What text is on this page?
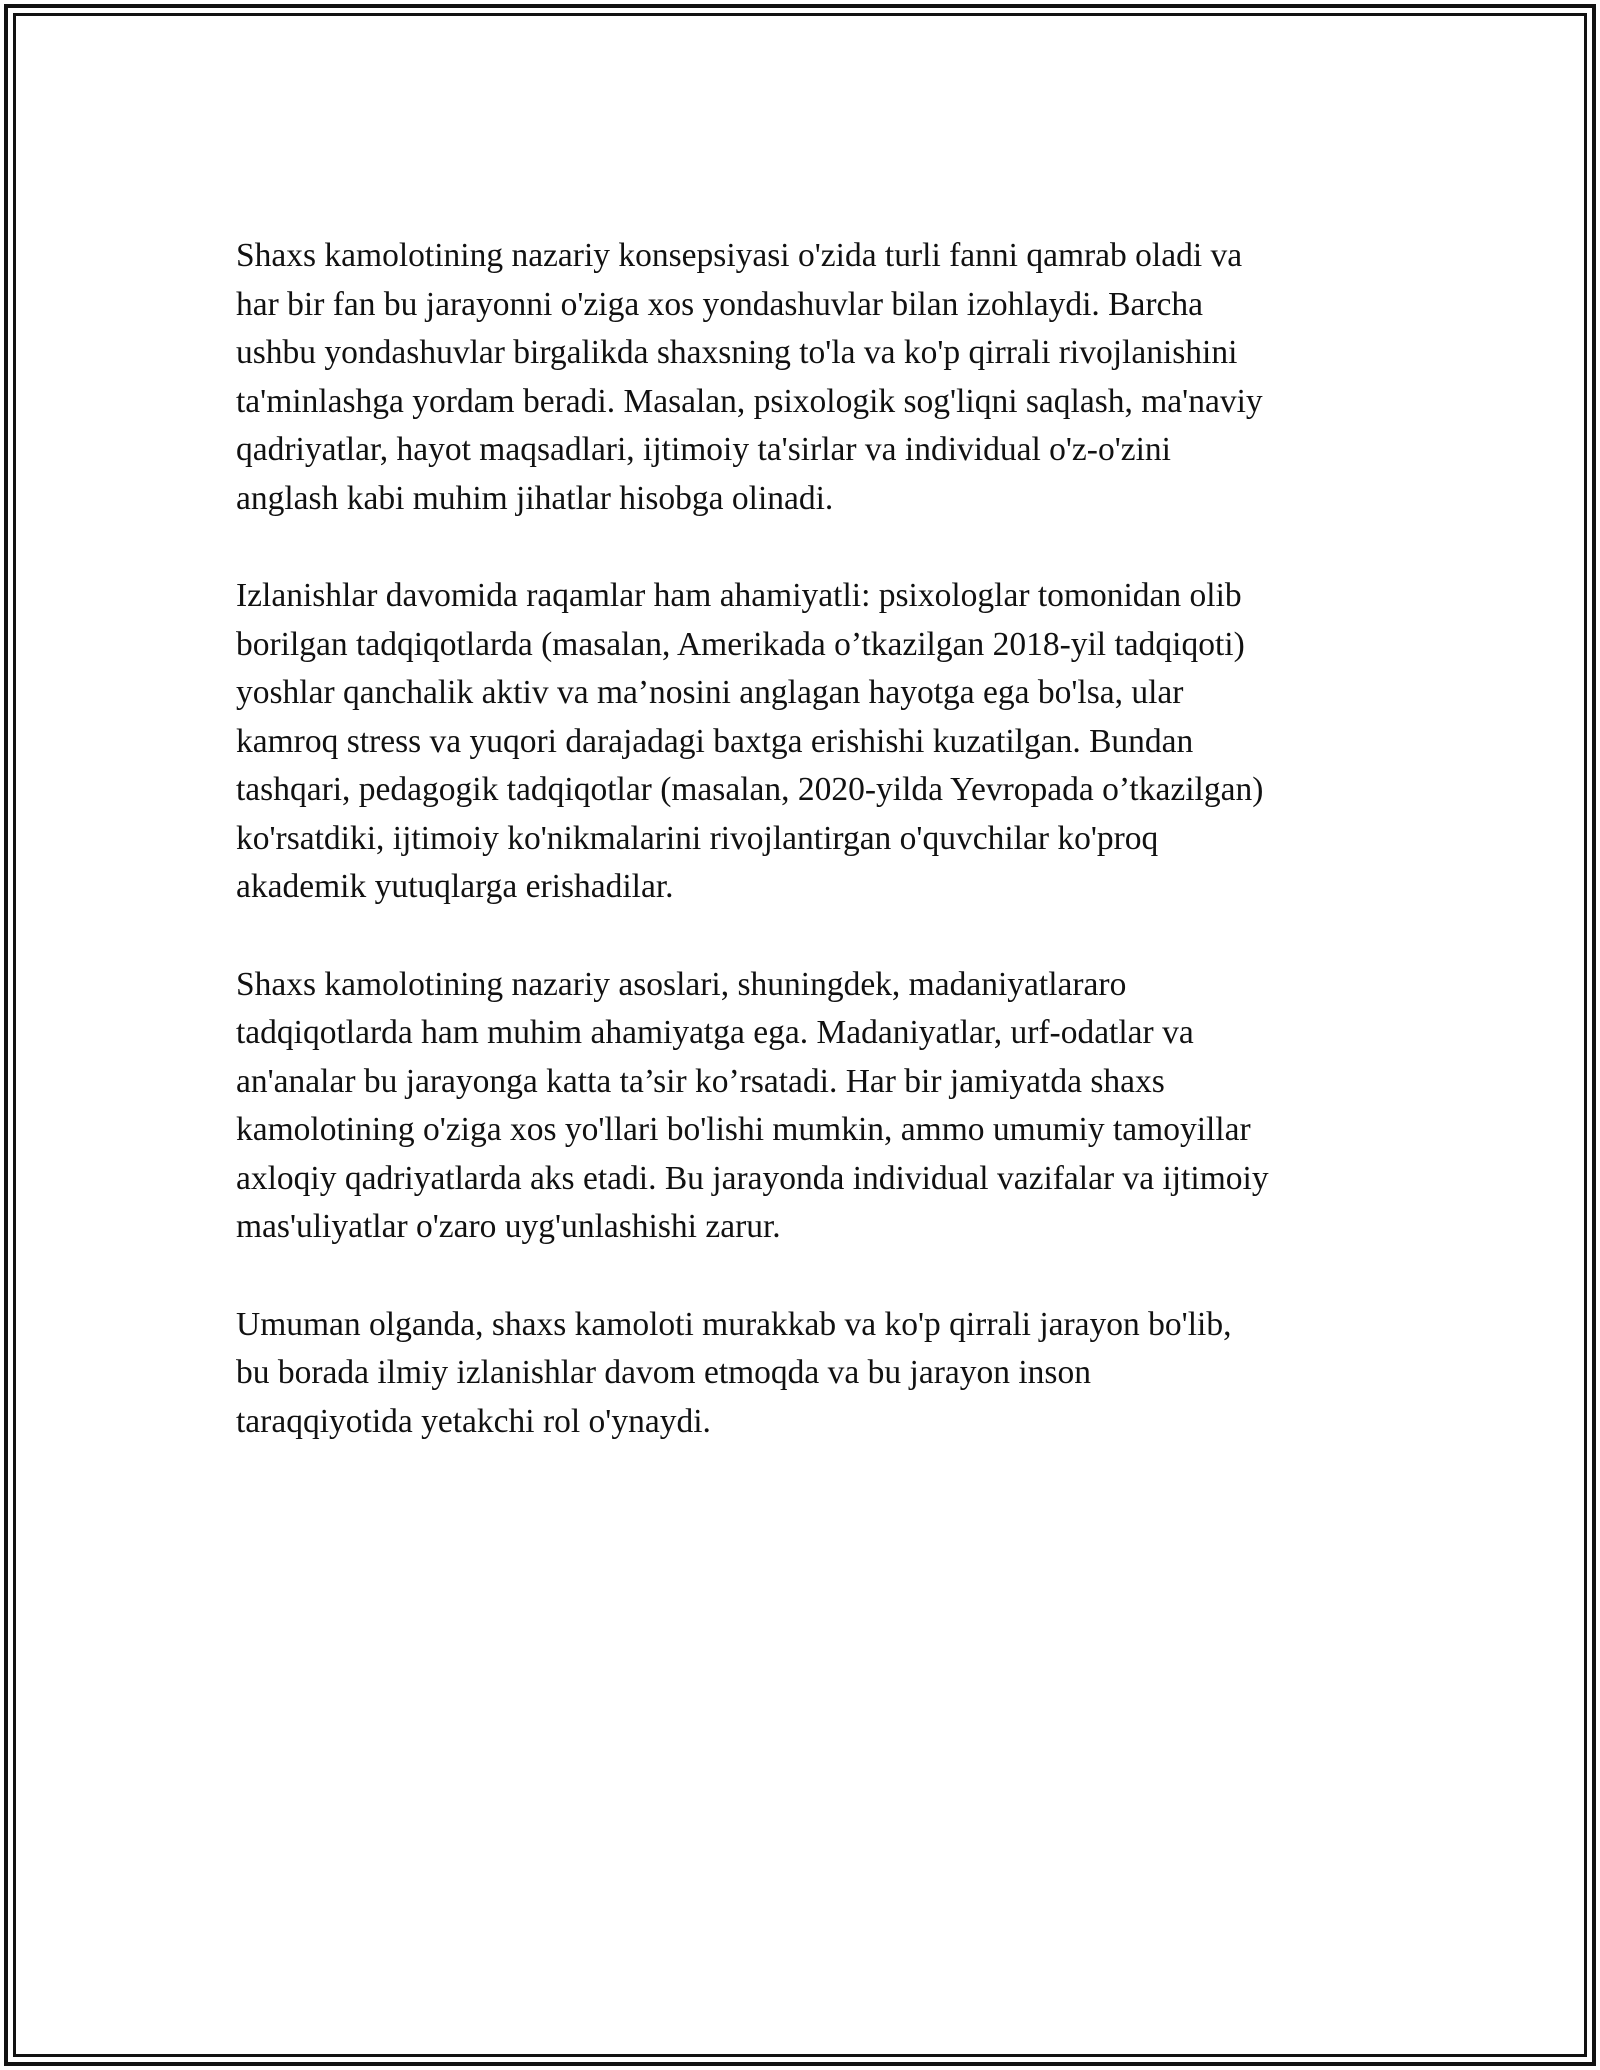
Shaxs kamolotining nazariy konsepsiyasi o'zida turli fanni qamrab oladi va
har bir fan bu jarayonni o'ziga xos yondashuvlar bilan izohlaydi. Barcha
ushbu yondashuvlar birgalikda shaxsning to'la va ko'p qirrali rivojlanishini
ta'minlashga yordam beradi. Masalan, psixologik sog'liqni saqlash, ma'naviy
qadriyatlar, hayot maqsadlari, ijtimoiy ta'sirlar va individual o'z-o'zini
anglash kabi muhim jihatlar hisobga olinadi.

Izlanishlar davomida raqamlar ham ahamiyatli: psixologlar tomonidan olib
borilgan tadqiqotlarda (masalan, Amerikada o’tkazilgan 2018-yil tadqiqoti)
yoshlar qanchalik aktiv va ma’nosini anglagan hayotga ega bo'lsa, ular
kamroq stress va yuqori darajadagi baxtga erishishi kuzatilgan. Bundan
tashqari, pedagogik tadqiqotlar (masalan, 2020-yilda Yevropada o’tkazilgan)
ko'rsatdiki, ijtimoiy ko'nikmalarini rivojlantirgan o'quvchilar ko'proq
akademik yutuqlarga erishadilar.

Shaxs kamolotining nazariy asoslari, shuningdek, madaniyatlararo
tadqiqotlarda ham muhim ahamiyatga ega. Madaniyatlar, urf-odatlar va
an'analar bu jarayonga katta ta’sir ko’rsatadi. Har bir jamiyatda shaxs
kamolotining o'ziga xos yo'llari bo'lishi mumkin, ammo umumiy tamoyillar
axloqiy qadriyatlarda aks etadi. Bu jarayonda individual vazifalar va ijtimoiy
mas'uliyatlar o'zaro uyg'unlashishi zarur.

Umuman olganda, shaxs kamoloti murakkab va ko'p qirrali jarayon bo'lib,
bu borada ilmiy izlanishlar davom etmoqda va bu jarayon inson
taraqqiyotida yetakchi rol o'ynaydi.
